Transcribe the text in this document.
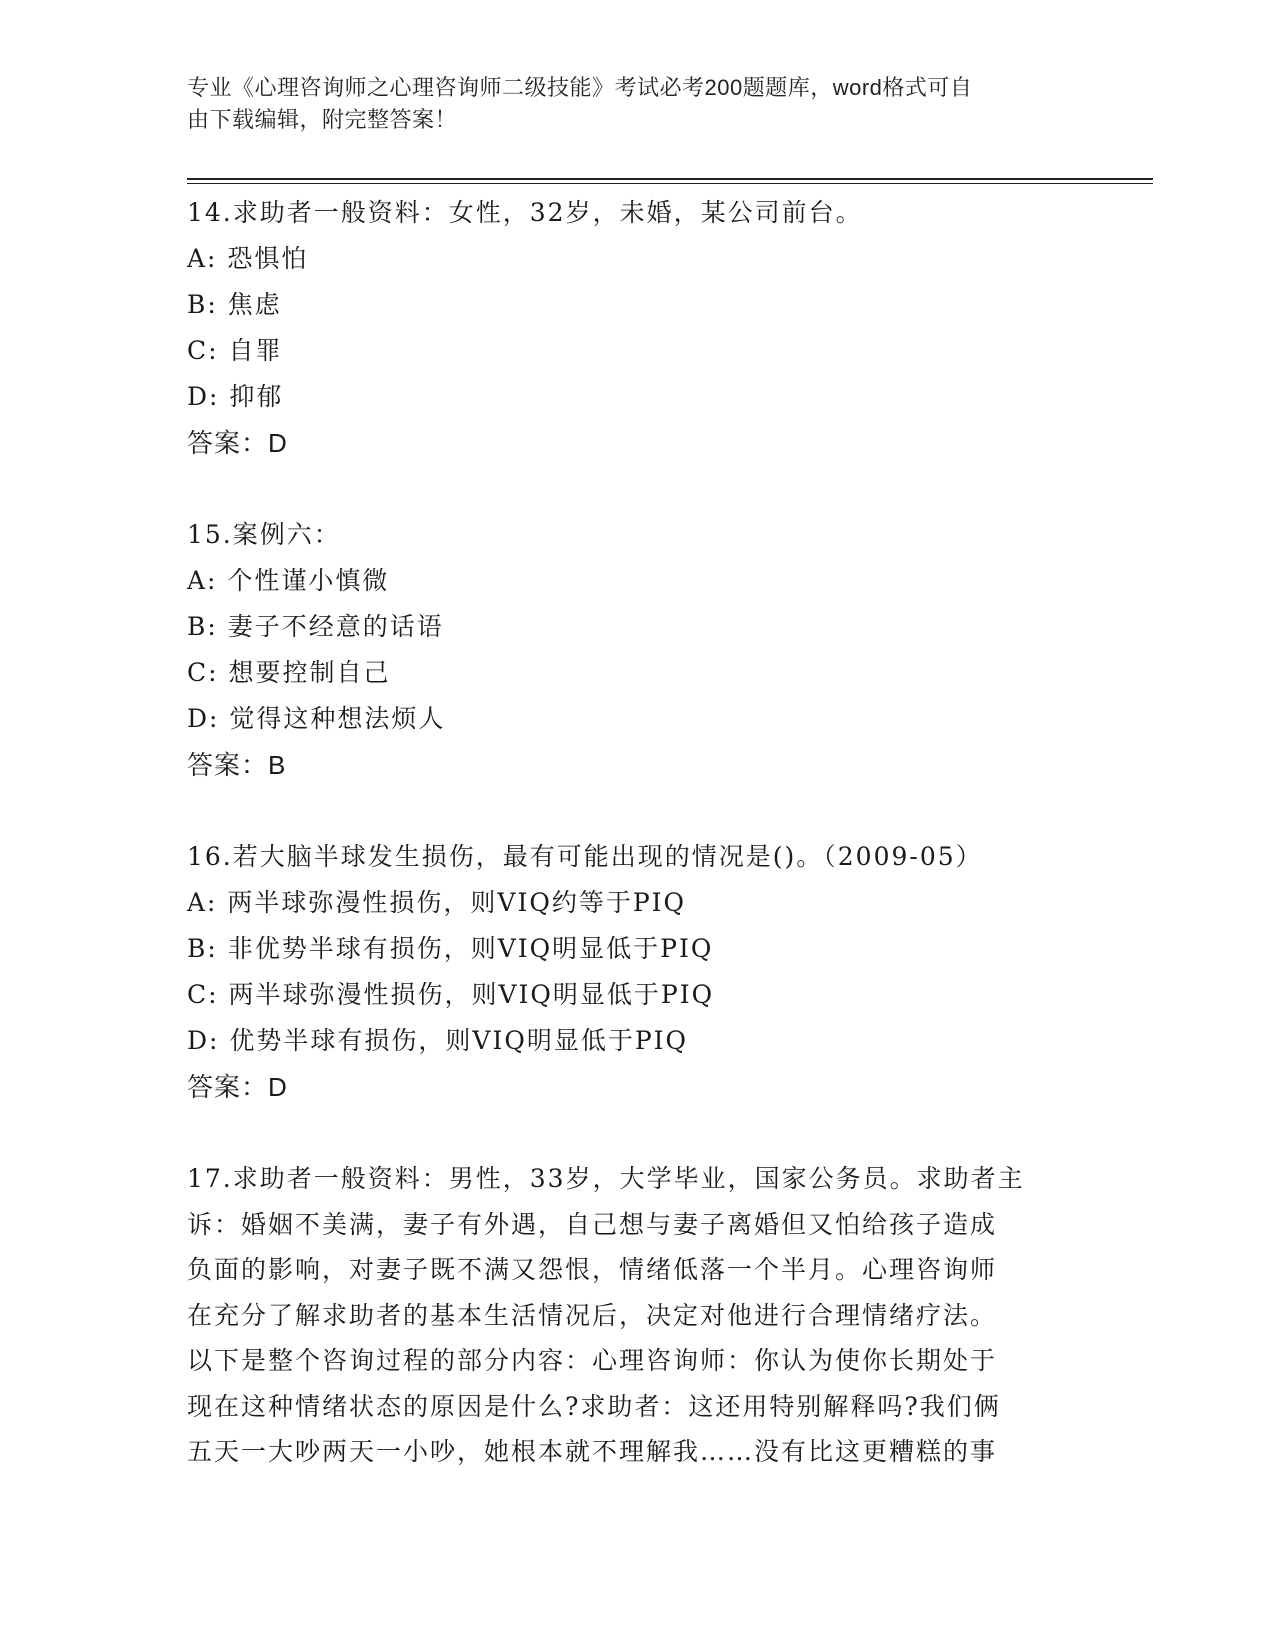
专业《心理咨询师之心理咨询师二级技能》考试必考200题题库，word格式可自
由下载编辑，附完整答案！
14.求助者一般资料：女性，32岁，未婚，某公司前台。
A: 恐惧怕
B: 焦虑
C: 自罪
D: 抑郁
答案：D
15.案例六：
A: 个性谨小慎微
B: 妻子不经意的话语
C: 想要控制自己
D: 觉得这种想法烦人
答案：B
16.若大脑半球发生损伤，最有可能出现的情况是()。（2009-05）
A: 两半球弥漫性损伤，则VIQ约等于PIQ
B: 非优势半球有损伤，则VIQ明显低于PIQ
C: 两半球弥漫性损伤，则VIQ明显低于PIQ
D: 优势半球有损伤，则VIQ明显低于PIQ
答案：D
17.求助者一般资料：男性，33岁，大学毕业，国家公务员。求助者主
诉：婚姻不美满，妻子有外遇，自己想与妻子离婚但又怕给孩子造成
负面的影响，对妻子既不满又怨恨，情绪低落一个半月。心理咨询师
在充分了解求助者的基本生活情况后，决定对他进行合理情绪疗法。
以下是整个咨询过程的部分内容：心理咨询师：你认为使你长期处于
现在这种情绪状态的原因是什么?求助者：这还用特别解释吗?我们俩
五天一大吵两天一小吵，她根本就不理解我……没有比这更糟糕的事
